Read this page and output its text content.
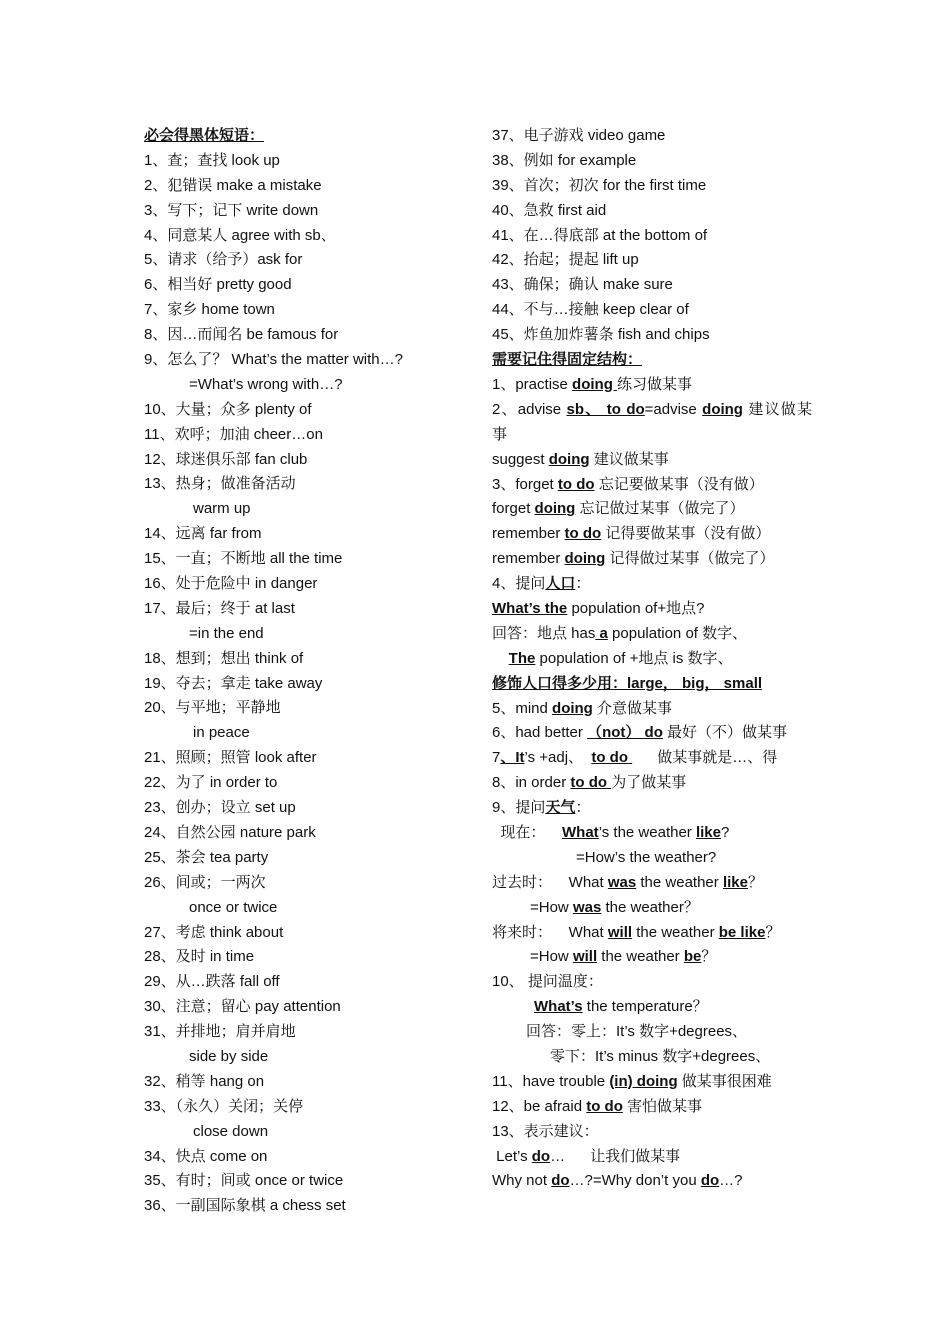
必会得黑体短语：
1、查；查找 look up
2、犯错误 make a mistake
3、写下；记下 write down
4、同意某人 agree with sb、
5、请求（给予）ask for
6、相当好 pretty good
7、家乡 home town
8、因…而闻名 be famous for
9、怎么了？ What’s the matter with…?
=What’s wrong with…?
10、大量；众多 plenty of
11、欢呼；加油 cheer…on
12、球迷俱乐部 fan club
13、热身；做准备活动
warm up
14、远离 far from
15、一直；不断地 all the time
16、处于危险中 in danger
17、最后；终于 at last
=in the end
18、想到；想出 think of
19、夺去；拿走 take away
20、与平地；平静地
in peace
21、照顾；照管 look after
22、为了 in order to
23、创办；设立 set up
24、自然公园 nature park
25、茶会 tea party
26、间或；一两次
once or twice
27、考虑 think about
28、及时 in time
29、从…跌落 fall off
30、注意；留心 pay attention
31、并排地；肩并肩地
side by side
32、稍等 hang on
33、（永久）关闭；关停
close down
34、快点 come on
35、有时；间或 once or twice
36、一副国际象棋 a chess set
37、电子游戏 video game
38、例如 for example
39、首次；初次 for the first time
40、急救 first aid
41、在…得底部 at the bottom of
42、抬起；提起 lift up
43、确保；确认 make sure
44、不与…接触 keep clear of
45、炸鱼加炸薯条 fish and chips
需要记住得固定结构：
1、practise doing 练习做某事
2、advise sb、 to do=advise doing 建议做某事
suggest doing 建议做某事
3、forget to do 忘记要做某事（没有做）
forget doing 忘记做过某事（做完了）
remember to do 记得要做某事（没有做）
remember doing 记得做过某事（做完了）
4、提问人口：
What’s the population of+地点?
回答：地点 has a population of 数字、
The population of +地点 is 数字、
修饰人口得多少用：large， big， small
5、mind doing 介意做某事
6、had better （not） do 最好（不）做某事
7、It’s +adj、  to do       做某事就是…、得
8、in order to do 为了做某事
9、提问天气：
现在：    What’s the weather like?
=How’s the weather?
过去时：    What was the weather like？
=How was the weather？
将来时：    What will the weather be like？
=How will the weather be？
10、 提问温度：
What’s the temperature？
回答：零上：It’s 数字+degrees、
零下：It’s minus 数字+degrees、
11、have trouble (in) doing 做某事很困难
12、be afraid to do 害怕做某事
13、表示建议：
Let’s do…      让我们做某事
Why not do…?=Why don’t you do…?
